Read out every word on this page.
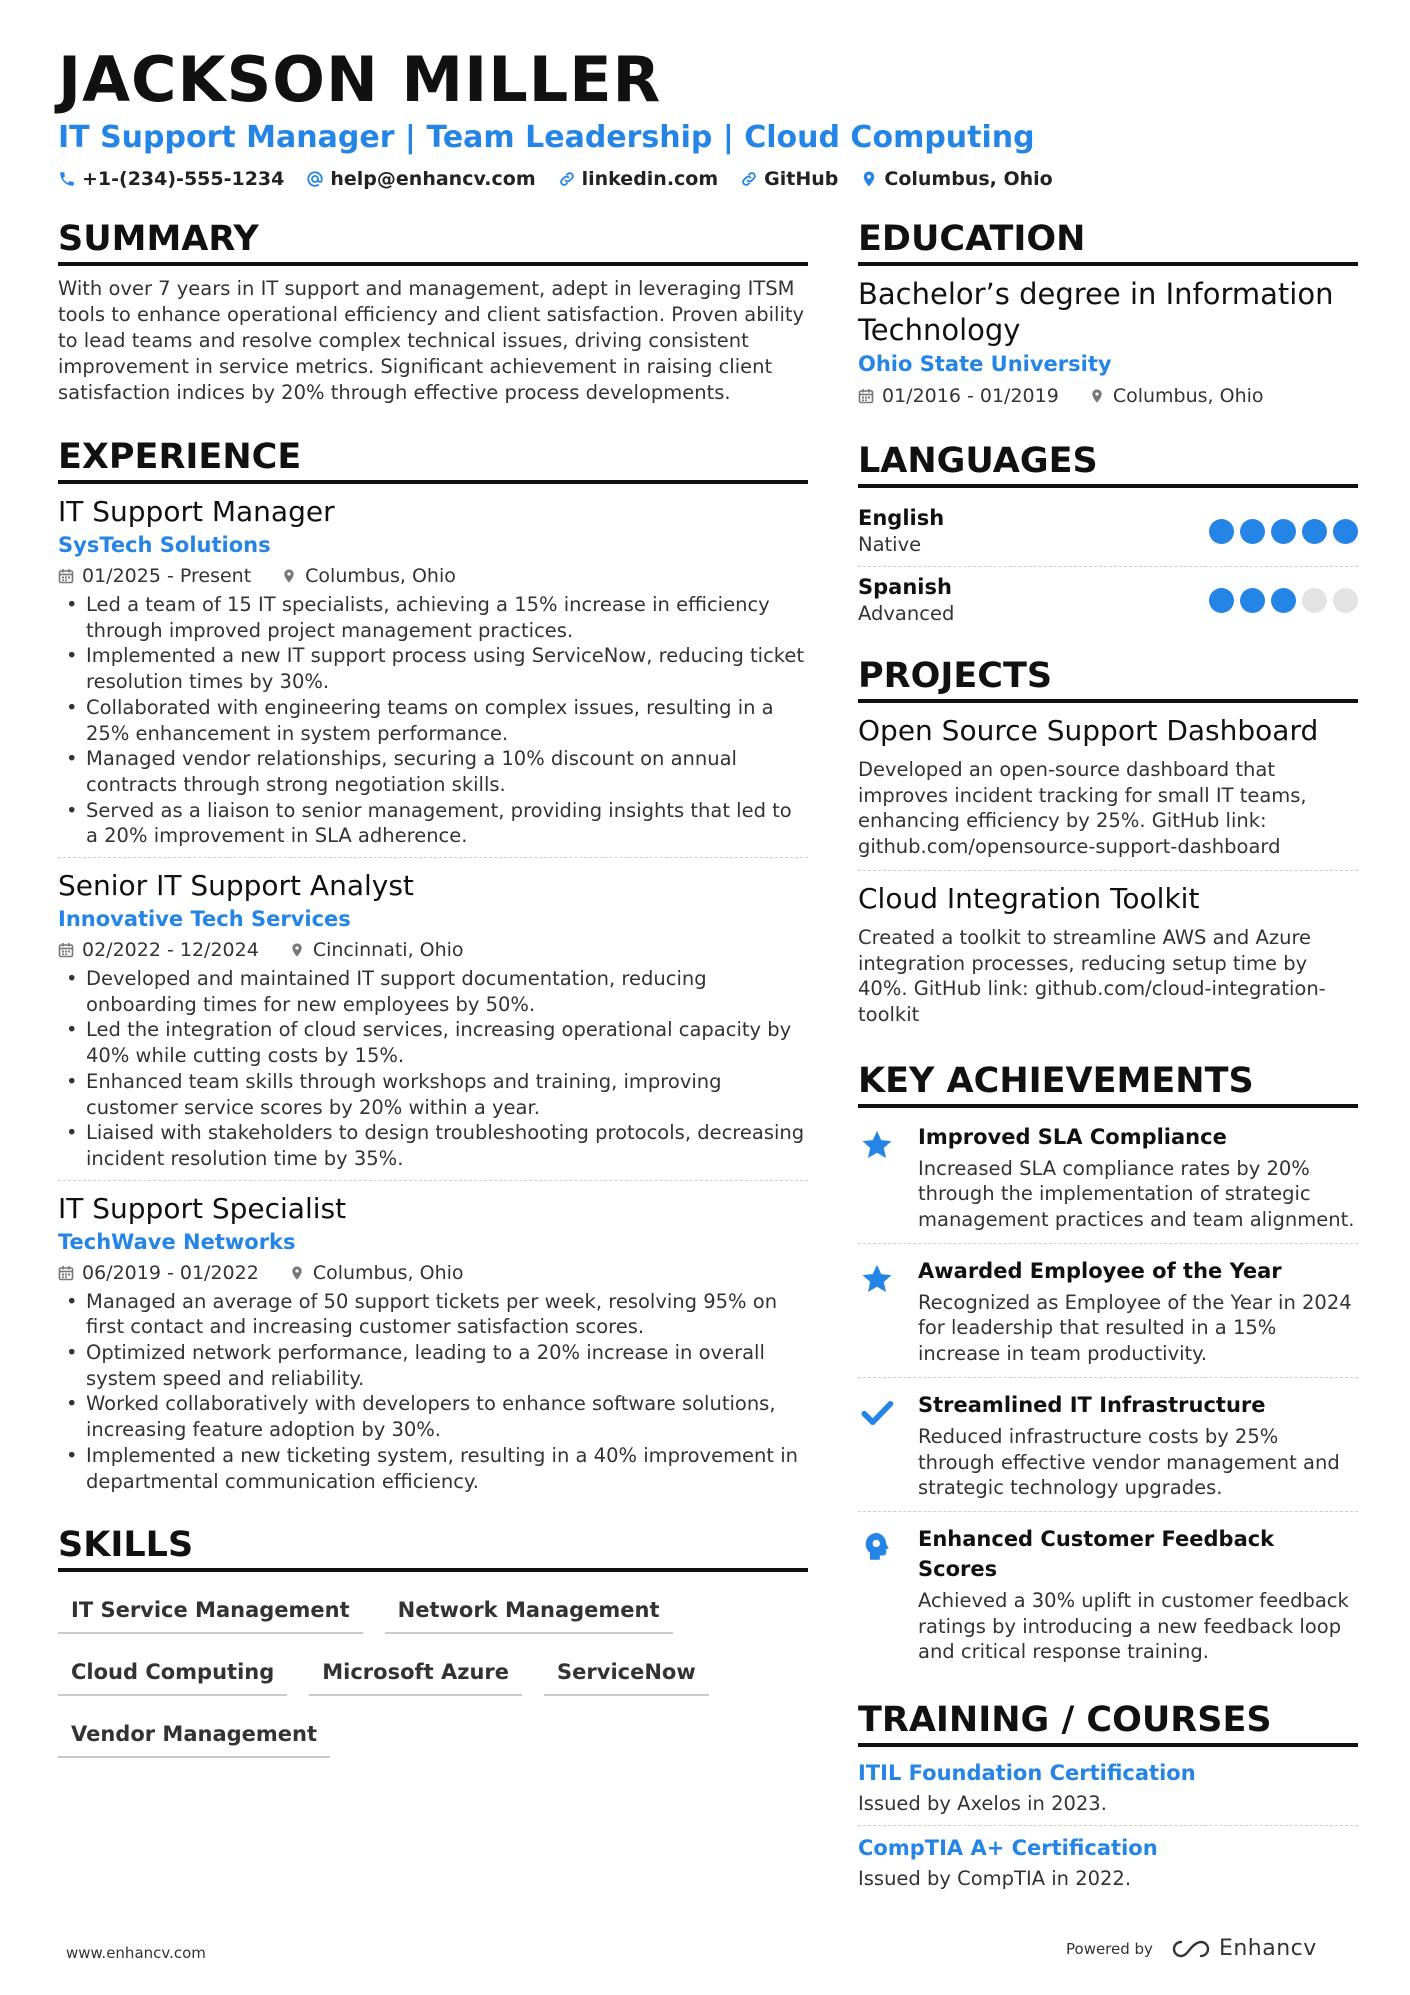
JACKSON MILLER
IT Support Manager | Team Leadership | Cloud Computing
+1-(234)-555-1234 help@enhancv.com linkedin.com GitHub Columbus, Ohio
SUMMARY
With over 7 years in IT support and management, adept in leveraging ITSM tools to enhance operational efficiency and client satisfaction. Proven ability to lead teams and resolve complex technical issues, driving consistent improvement in service metrics. Significant achievement in raising client satisfaction indices by 20% through effective process developments.
EXPERIENCE
IT Support Manager
SysTech Solutions
01/2025 - Present	Columbus, Ohio
• Led a team of 15 IT specialists, achieving a 15% increase in efficiency through improved project management practices.
• Implemented a new IT support process using ServiceNow, reducing ticket resolution times by 30%.
• Collaborated with engineering teams on complex issues, resulting in a 25% enhancement in system performance.
• Managed vendor relationships, securing a 10% discount on annual contracts through strong negotiation skills.
• Served as a liaison to senior management, providing insights that led to a 20% improvement in SLA adherence.
Senior IT Support Analyst
Innovative Tech Services
02/2022 - 12/2024	Cincinnati, Ohio
• Developed and maintained IT support documentation, reducing onboarding times for new employees by 50%.
• Led the integration of cloud services, increasing operational capacity by 40% while cutting costs by 15%.
• Enhanced team skills through workshops and training, improving customer service scores by 20% within a year.
• Liaised with stakeholders to design troubleshooting protocols, decreasing incident resolution time by 35%.
IT Support Specialist
TechWave Networks
06/2019 - 01/2022	Columbus, Ohio
• Managed an average of 50 support tickets per week, resolving 95% on first contact and increasing customer satisfaction scores.
• Optimized network performance, leading to a 20% increase in overall system speed and reliability.
• Worked collaboratively with developers to enhance software solutions, increasing feature adoption by 30%.
• Implemented a new ticketing system, resulting in a 40% improvement in departmental communication efficiency.
SKILLS
IT Service Management	Network Management
Cloud Computing	Microsoft Azure	ServiceNow
Vendor Management
EDUCATION
Bachelor’s degree in Information Technology
Ohio State University
01/2016 - 01/2019	Columbus, Ohio
LANGUAGES
English
Native
Spanish
Advanced
PROJECTS
Open Source Support Dashboard
Developed an open-source dashboard that improves incident tracking for small IT teams, enhancing efficiency by 25%. GitHub link: github.com/opensource-support-dashboard
Cloud Integration Toolkit
Created a toolkit to streamline AWS and Azure integration processes, reducing setup time by 40%. GitHub link: github.com/cloud-integration-toolkit
KEY ACHIEVEMENTS
Improved SLA Compliance
Increased SLA compliance rates by 20% through the implementation of strategic management practices and team alignment.
Awarded Employee of the Year
Recognized as Employee of the Year in 2024 for leadership that resulted in a 15% increase in team productivity.
Streamlined IT Infrastructure
Reduced infrastructure costs by 25% through effective vendor management and strategic technology upgrades.
Enhanced Customer Feedback Scores
Achieved a 30% uplift in customer feedback ratings by introducing a new feedback loop and critical response training.
TRAINING / COURSES
ITIL Foundation Certification
Issued by Axelos in 2023.
CompTIA A+ Certification
Issued by CompTIA in 2022.
www.enhancv.com	Powered by	Enhancv
